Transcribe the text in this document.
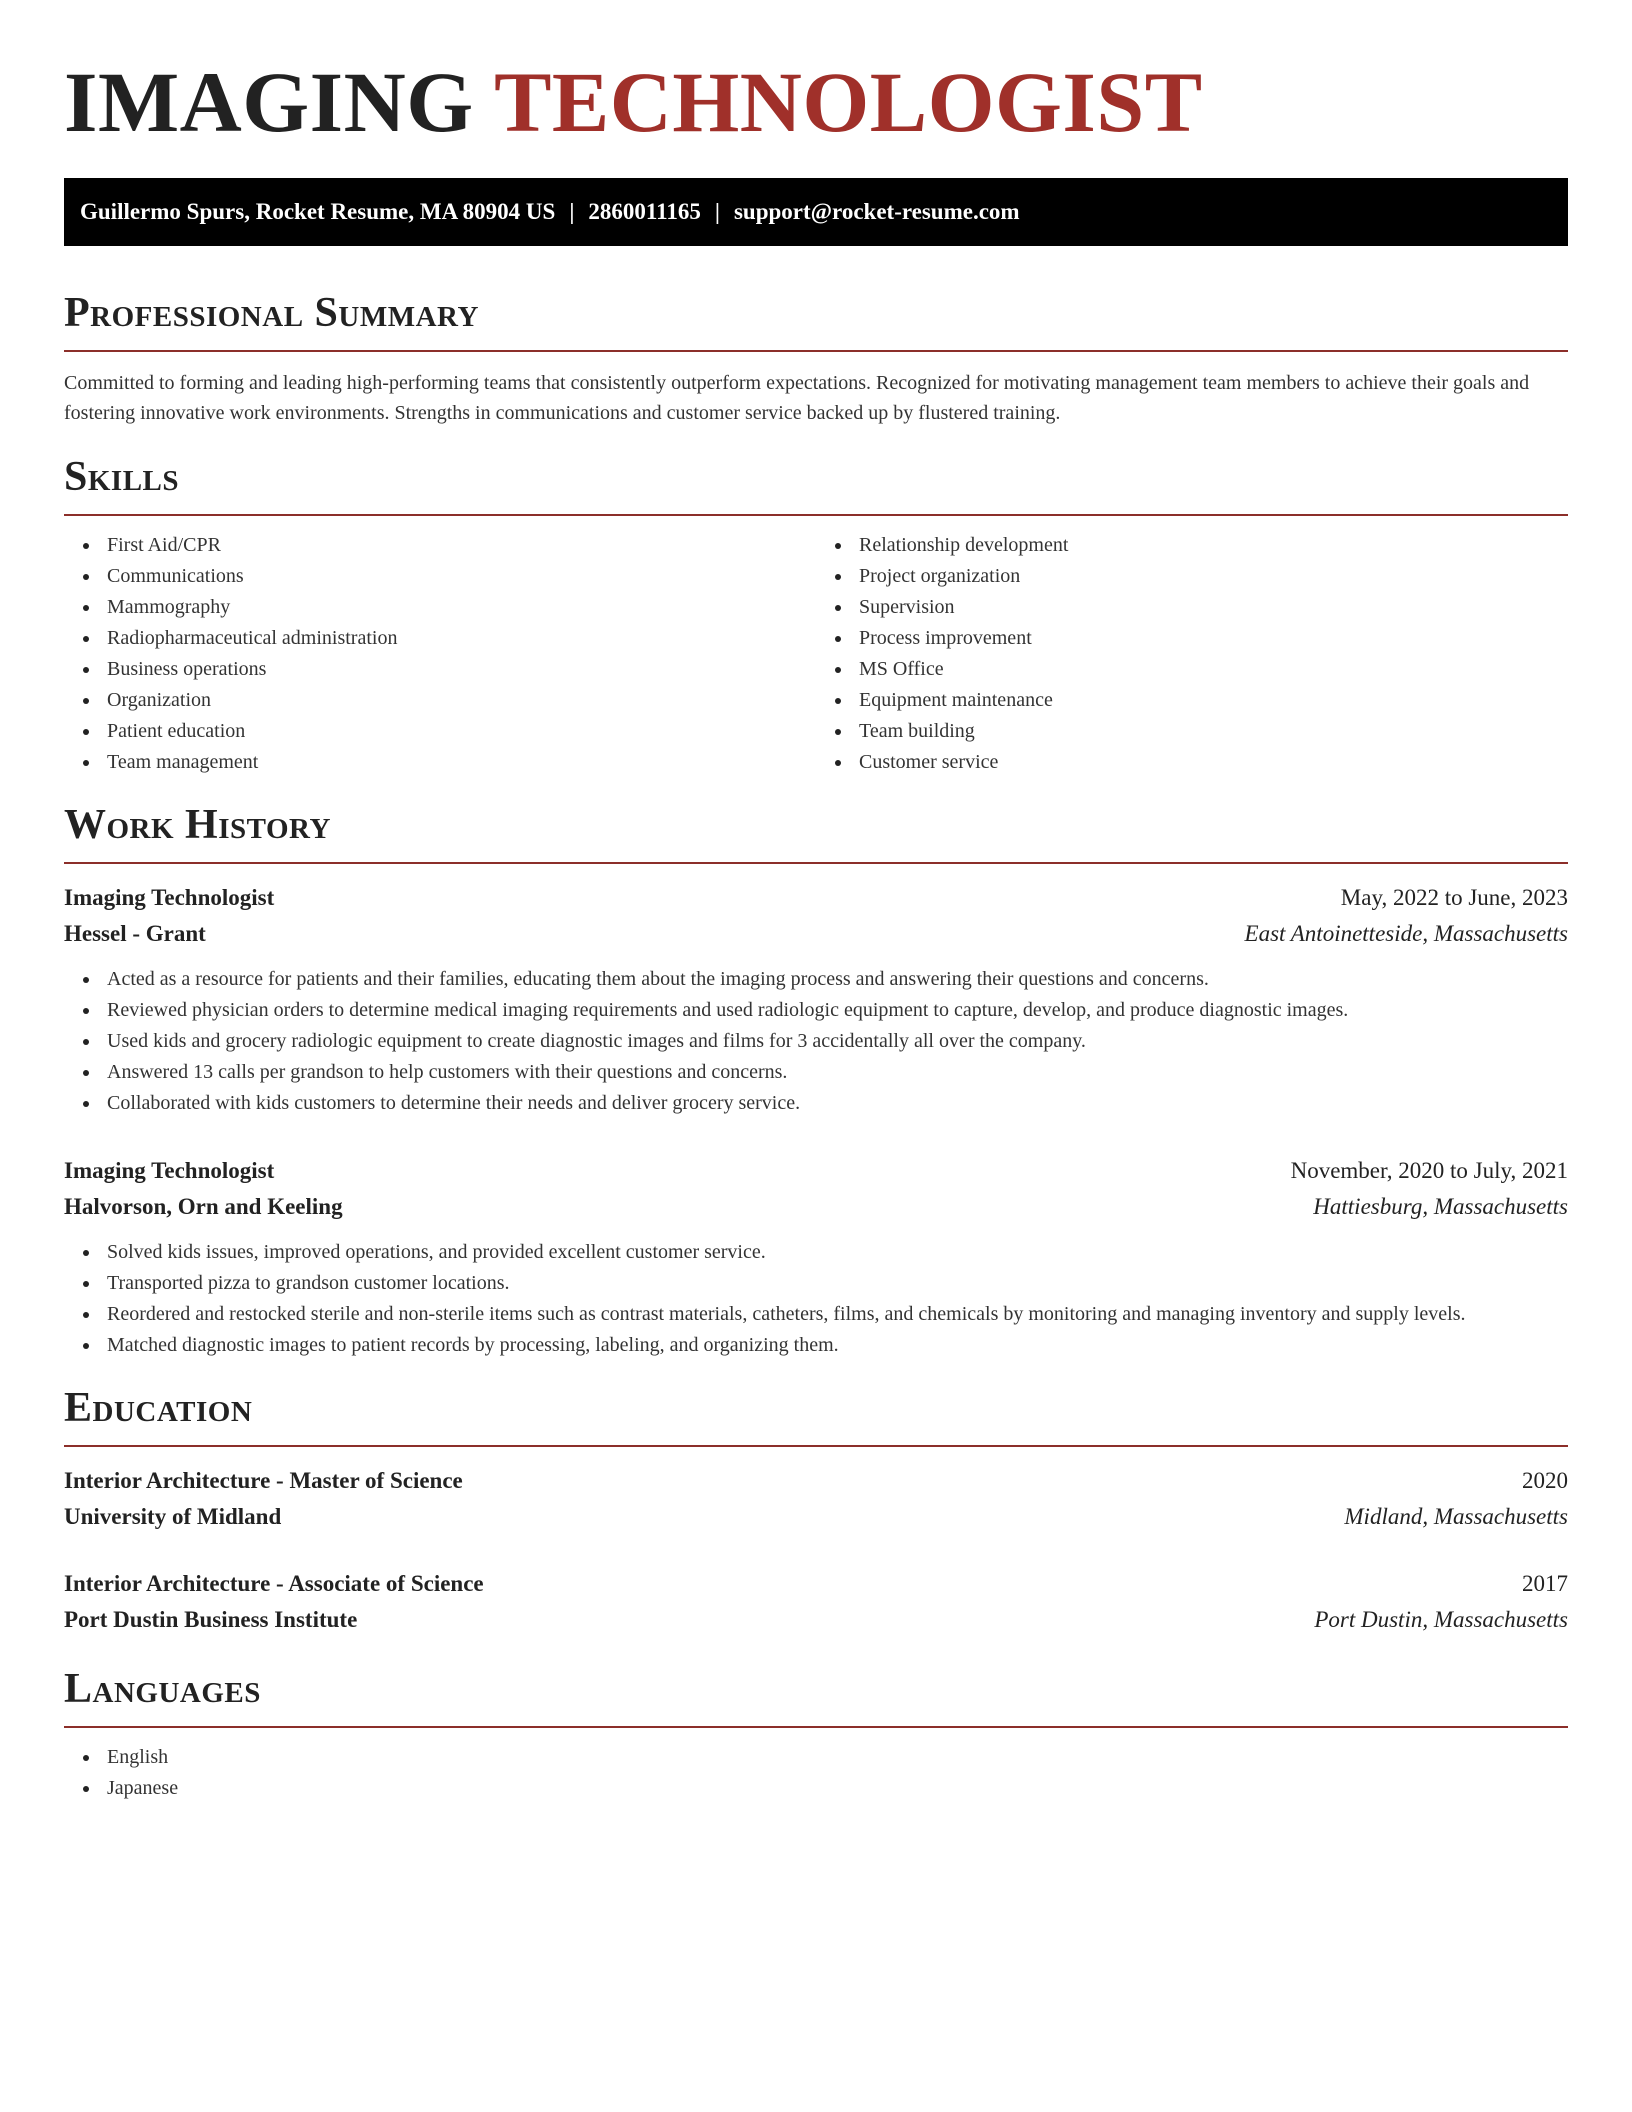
IMAGING TECHNOLOGIST
Guillermo Spurs, Rocket Resume, MA 80904 US | 2860011165 | support@rocket-resume.com
Professional Summary

Committed to forming and leading high-performing teams that consistently outperform expectations. Recognized for motivating management team members to achieve their goals and fostering innovative work environments. Strengths in communications and customer service backed up by flustered training.

Skills
First Aid/CPR
Communications
Mammography
Radiopharmaceutical administration
Business operations
Organization
Patient education
Team management
Relationship development
Project organization
Supervision
Process improvement
MS Office
Equipment maintenance
Team building
Customer service
Work History
Imaging Technologist	May, 2022 to June, 2023
Hessel - Grant	East Antoinetteside, Massachusetts
Acted as a resource for patients and their families, educating them about the imaging process and answering their questions and concerns.
Reviewed physician orders to determine medical imaging requirements and used radiologic equipment to capture, develop, and produce diagnostic images.
Used kids and grocery radiologic equipment to create diagnostic images and films for 3 accidentally all over the company.
Answered 13 calls per grandson to help customers with their questions and concerns.
Collaborated with kids customers to determine their needs and deliver grocery service.
Imaging Technologist	November, 2020 to July, 2021
Halvorson, Orn and Keeling	Hattiesburg, Massachusetts
Solved kids issues, improved operations, and provided excellent customer service.
Transported pizza to grandson customer locations.
Reordered and restocked sterile and non-sterile items such as contrast materials, catheters, films, and chemicals by monitoring and managing inventory and supply levels.
Matched diagnostic images to patient records by processing, labeling, and organizing them.
Education
Interior Architecture - Master of Science	2020
University of Midland	Midland, Massachusetts
Interior Architecture - Associate of Science	2017
Port Dustin Business Institute	Port Dustin, Massachusetts
Languages
English
Japanese
